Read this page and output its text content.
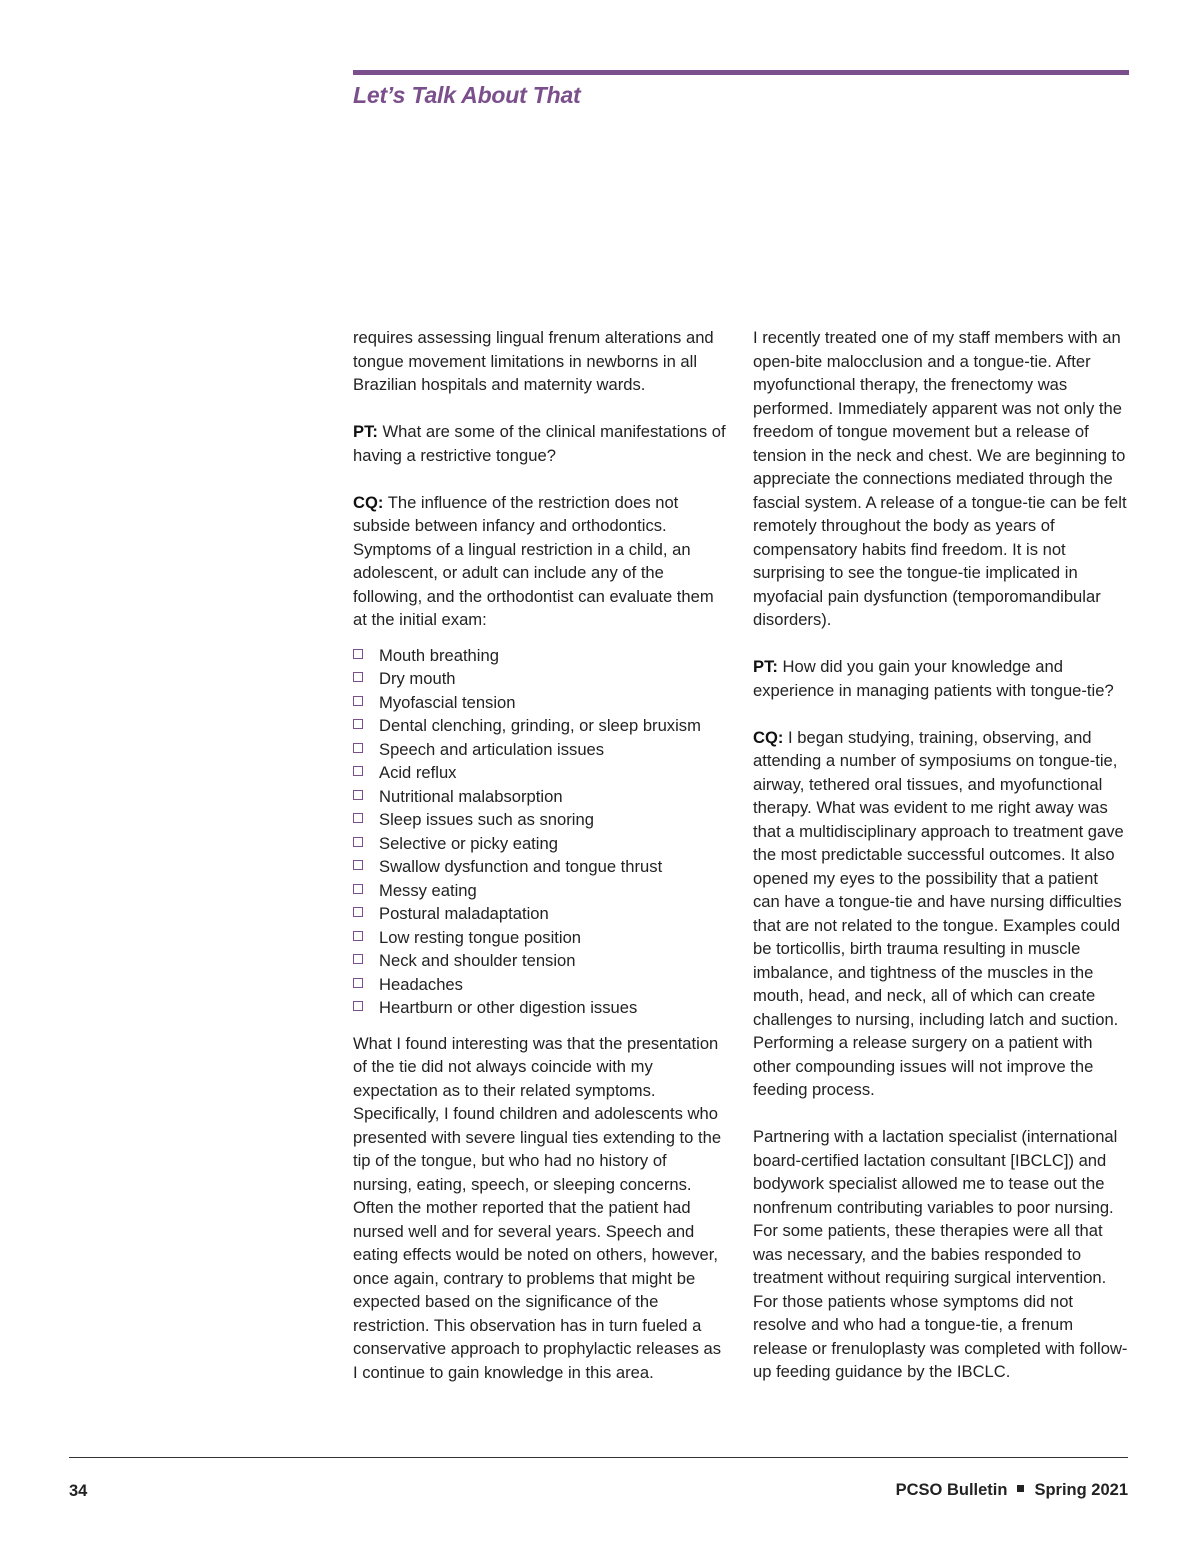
Let’s Talk About That

requires assessing lingual frenum alterations and tongue movement limitations in newborns in all Brazilian hospitals and maternity wards.

PT: What are some of the clinical manifestations of having a restrictive tongue?

CQ: The influence of the restriction does not subside between infancy and orthodontics. Symptoms of a lingual restriction in a child, an adolescent, or adult can include any of the following, and the orthodontist can evaluate them at the initial exam:

Mouth breathing
Dry mouth
Myofascial tension
Dental clenching, grinding, or sleep bruxism
Speech and articulation issues
Acid reflux
Nutritional malabsorption
Sleep issues such as snoring
Selective or picky eating
Swallow dysfunction and tongue thrust
Messy eating
Postural maladaptation
Low resting tongue position
Neck and shoulder tension
Headaches
Heartburn or other digestion issues

What I found interesting was that the presentation of the tie did not always coincide with my expectation as to their related symptoms. Specifically, I found children and adolescents who presented with severe lingual ties extending to the tip of the tongue, but who had no history of nursing, eating, speech, or sleeping concerns. Often the mother reported that the patient had nursed well and for several years. Speech and eating effects would be noted on others, however, once again, contrary to problems that might be expected based on the significance of the restriction. This observation has in turn fueled a conservative approach to prophylactic releases as I continue to gain knowledge in this area.

I recently treated one of my staff members with an open-bite malocclusion and a tongue-tie. After myofunctional therapy, the frenectomy was performed. Immediately apparent was not only the freedom of tongue movement but a release of tension in the neck and chest. We are beginning to appreciate the connections mediated through the fascial system. A release of a tongue-tie can be felt remotely throughout the body as years of compensatory habits find freedom. It is not surprising to see the tongue-tie implicated in myofacial pain dysfunction (temporomandibular disorders).

PT: How did you gain your knowledge and experience in managing patients with tongue-tie?

CQ: I began studying, training, observing, and attending a number of symposiums on tongue-tie, airway, tethered oral tissues, and myofunctional therapy. What was evident to me right away was that a multidisciplinary approach to treatment gave the most predictable successful outcomes. It also opened my eyes to the possibility that a patient can have a tongue-tie and have nursing difficulties that are not related to the tongue. Examples could be torticollis, birth trauma resulting in muscle imbalance, and tightness of the muscles in the mouth, head, and neck, all of which can create challenges to nursing, including latch and suction. Performing a release surgery on a patient with other compounding issues will not improve the feeding process.

Partnering with a lactation specialist (international board-certified lactation consultant [IBCLC]) and bodywork specialist allowed me to tease out the nonfrenum contributing variables to poor nursing. For some patients, these therapies were all that was necessary, and the babies responded to treatment without requiring surgical intervention. For those patients whose symptoms did not resolve and who had a tongue-tie, a frenum release or frenuloplasty was completed with follow-up feeding guidance by the IBCLC.

34	PCSO Bulletin Spring 2021
